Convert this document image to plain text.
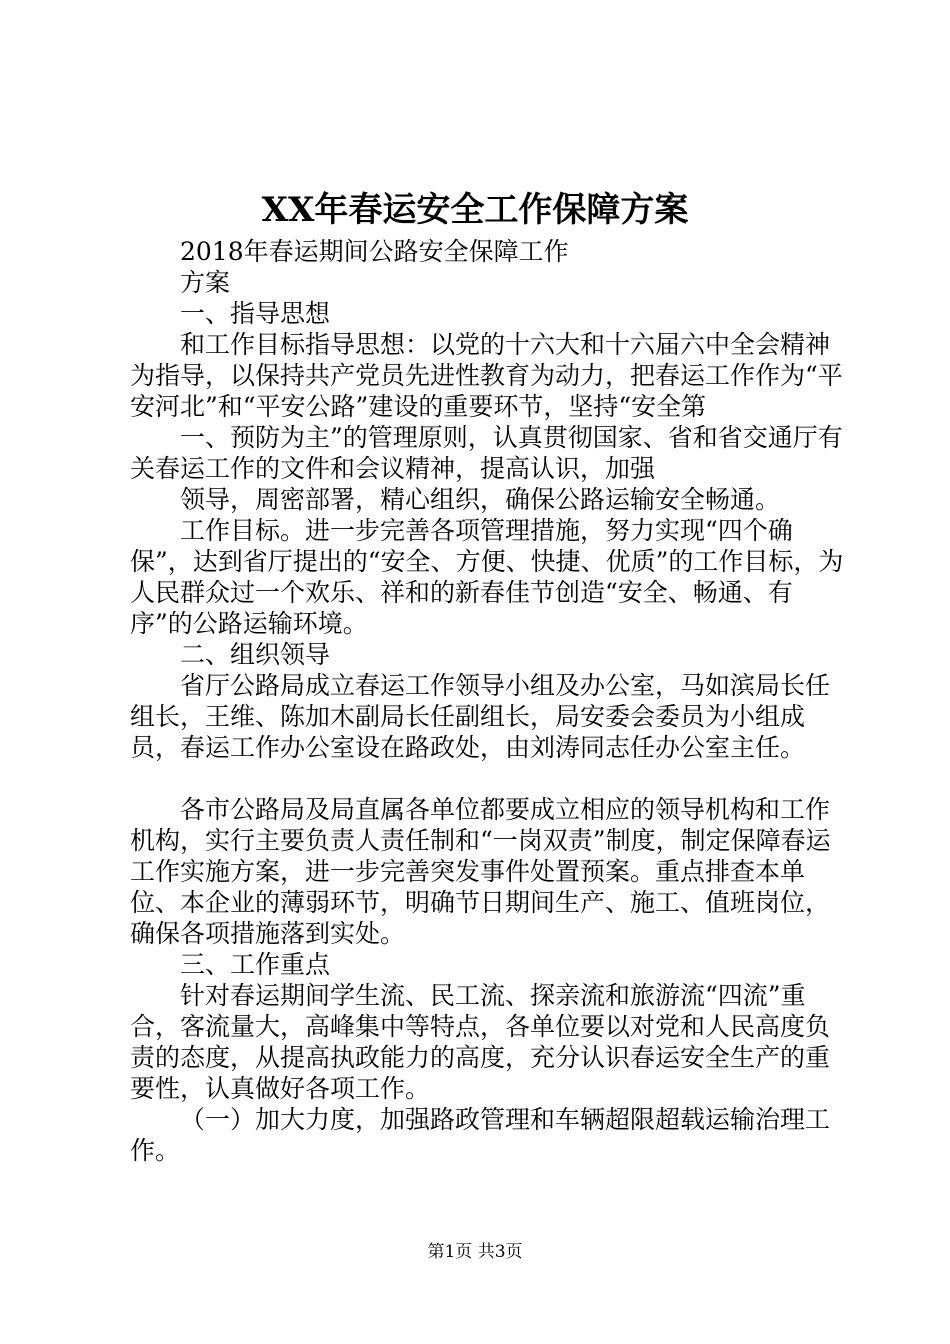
XX年春运安全工作保障方案

2018年春运期间公路安全保障工作

方案

一、指导思想

和工作目标指导思想：以党的十六大和十六届六中全会精神为指导，以保持共产党员先进性教育为动力，把春运工作作为“平安河北”和“平安公路”建设的重要环节，坚持“安全第

一、预防为主”的管理原则，认真贯彻国家、省和省交通厅有关春运工作的文件和会议精神，提高认识，加强

领导，周密部署，精心组织，确保公路运输安全畅通。

工作目标。进一步完善各项管理措施，努力实现“四个确保”，达到省厅提出的“安全、方便、快捷、优质”的工作目标，为人民群众过一个欢乐、祥和的新春佳节创造“安全、畅通、有序”的公路运输环境。

二、组织领导

省厅公路局成立春运工作领导小组及办公室，马如滨局长任组长，王维、陈加木副局长任副组长，局安委会委员为小组成员，春运工作办公室设在路政处，由刘涛同志任办公室主任。

各市公路局及局直属各单位都要成立相应的领导机构和工作机构，实行主要负责人责任制和“一岗双责”制度，制定保障春运工作实施方案，进一步完善突发事件处置预案。重点排查本单位、本企业的薄弱环节，明确节日期间生产、施工、值班岗位，确保各项措施落到实处。

三、工作重点

针对春运期间学生流、民工流、探亲流和旅游流“四流”重合，客流量大，高峰集中等特点，各单位要以对党和人民高度负责的态度，从提高执政能力的高度，充分认识春运安全生产的重要性，认真做好各项工作。

（一）加大力度，加强路政管理和车辆超限超载运输治理工作。

第1页 共3页
